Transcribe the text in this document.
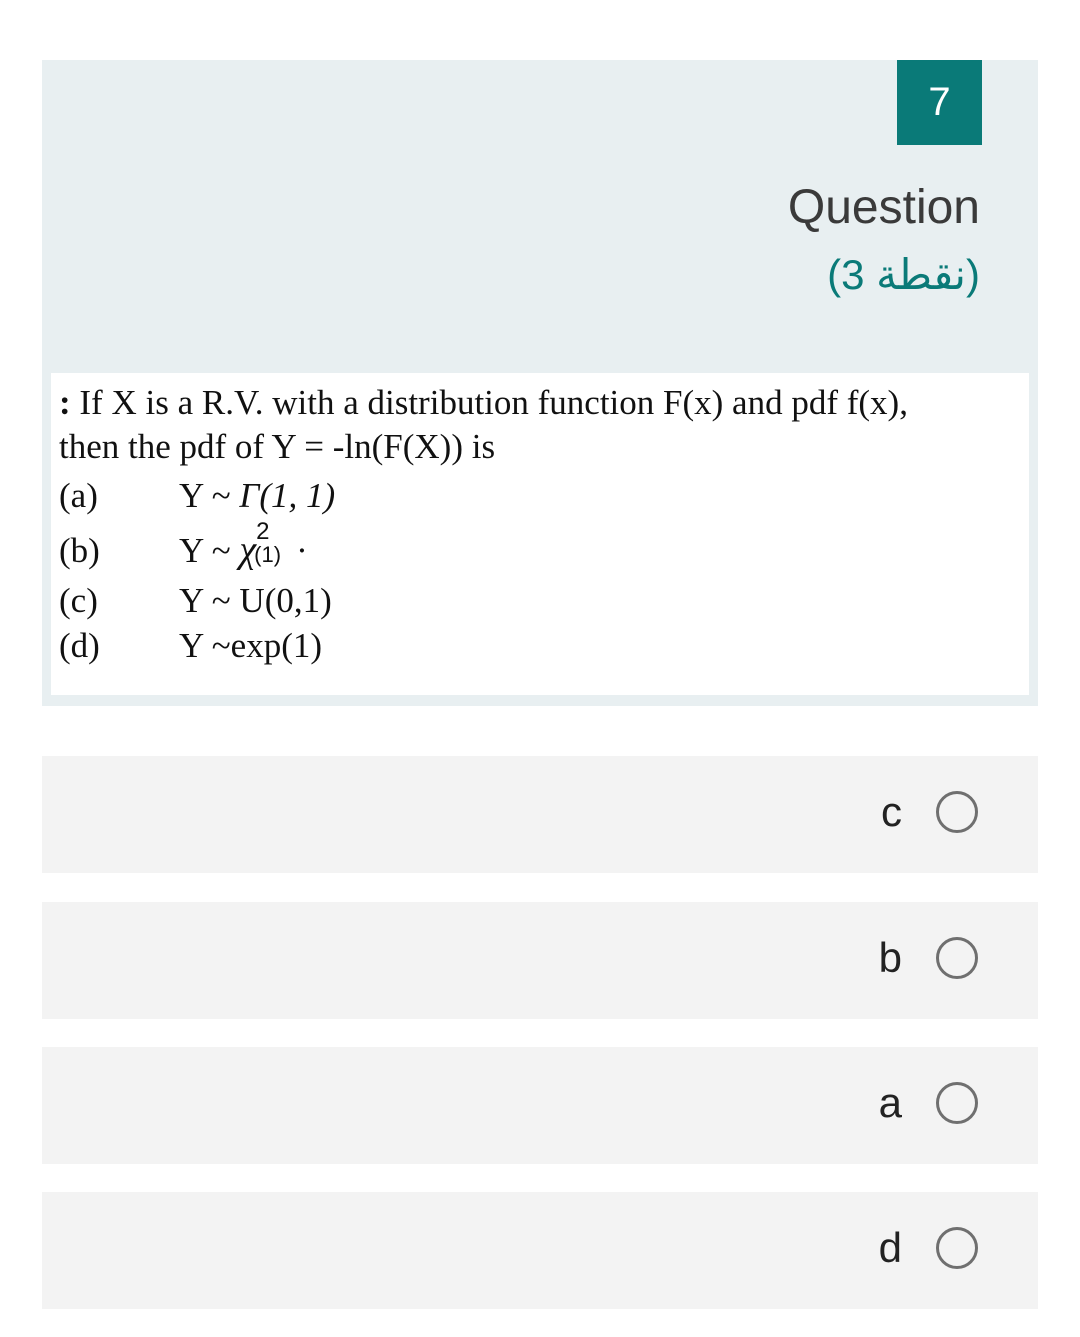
7
Question
(3 نقطة)
: If X is a R.V. with a distribution function F(x) and pdf f(x),
then the pdf of Y = -ln(F(X)) is
(a) Y ~ Γ(1, 1)
(b) Y ~ χ 2
(1) ·
(c) Y ~ U(0,1)
(d) Y ~exp(1)
c
b
a
d
